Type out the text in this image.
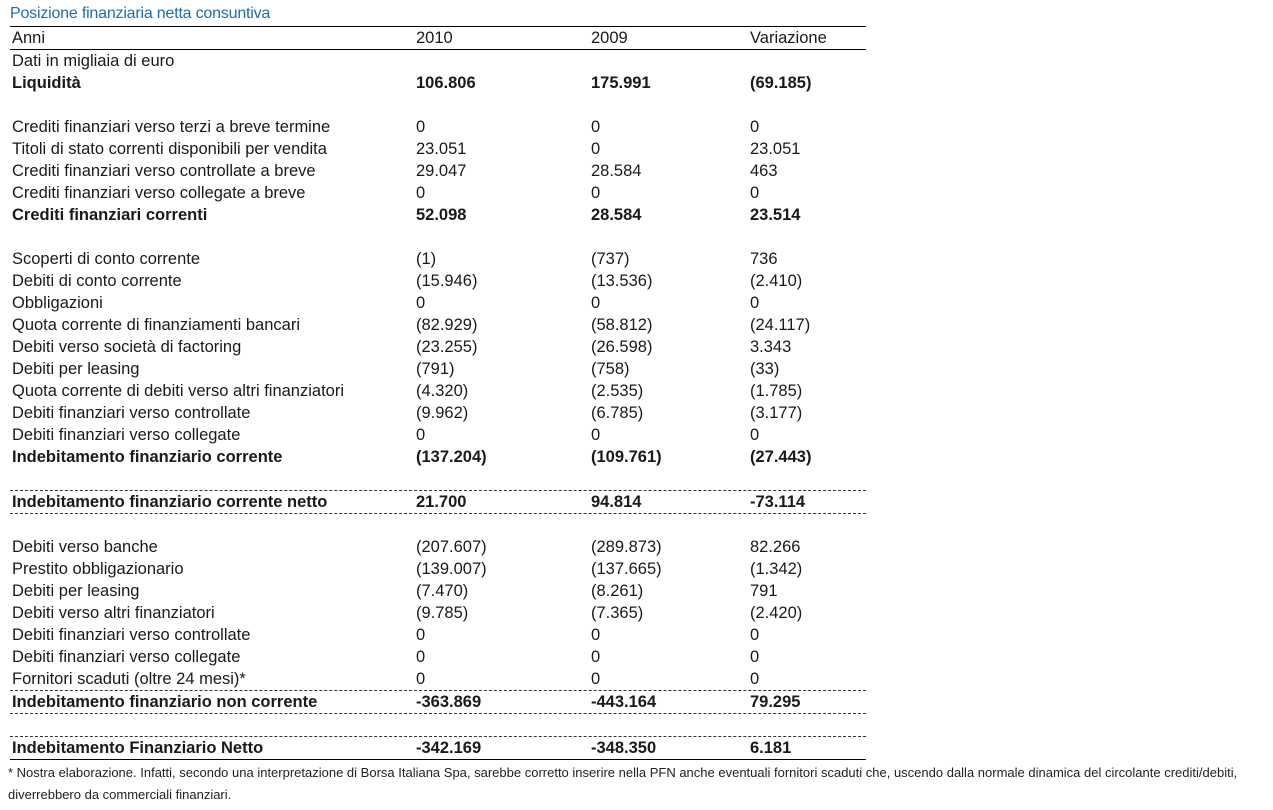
Posizione finanziaria netta consuntiva
Anni	2010	2009	Variazione
Dati in migliaia di euro
Liquidità	106.806	175.991	(69.185)
Crediti finanziari verso terzi a breve termine	0	0	0
Titoli di stato correnti disponibili per vendita	23.051	0	23.051
Crediti finanziari verso controllate a breve	29.047	28.584	463
Crediti finanziari verso collegate a breve	0	0	0
Crediti finanziari correnti	52.098	28.584	23.514
Scoperti di conto corrente	(1)	(737)	736
Debiti di conto corrente	(15.946)	(13.536)	(2.410)
Obbligazioni	0	0	0
Quota corrente di finanziamenti bancari	(82.929)	(58.812)	(24.117)
Debiti verso società di factoring	(23.255)	(26.598)	3.343
Debiti per leasing	(791)	(758)	(33)
Quota corrente di debiti verso altri finanziatori	(4.320)	(2.535)	(1.785)
Debiti finanziari verso controllate	(9.962)	(6.785)	(3.177)
Debiti finanziari verso collegate	0	0	0
Indebitamento finanziario corrente	(137.204)	(109.761)	(27.443)
Indebitamento finanziario corrente netto	21.700	94.814	-73.114
Debiti verso banche	(207.607)	(289.873)	82.266
Prestito obbligazionario	(139.007)	(137.665)	(1.342)
Debiti per leasing	(7.470)	(8.261)	791
Debiti verso altri finanziatori	(9.785)	(7.365)	(2.420)
Debiti finanziari verso controllate	0	0	0
Debiti finanziari verso collegate	0	0	0
Fornitori scaduti (oltre 24 mesi)*	0	0	0
Indebitamento finanziario non corrente	-363.869	-443.164	79.295
Indebitamento Finanziario Netto	-342.169	-348.350	6.181
* Nostra elaborazione. Infatti, secondo una interpretazione di Borsa Italiana Spa, sarebbe corretto inserire nella PFN anche eventuali fornitori scaduti che, uscendo dalla normale dinamica del circolante crediti/debiti, diverrebbero da commerciali finanziari.
